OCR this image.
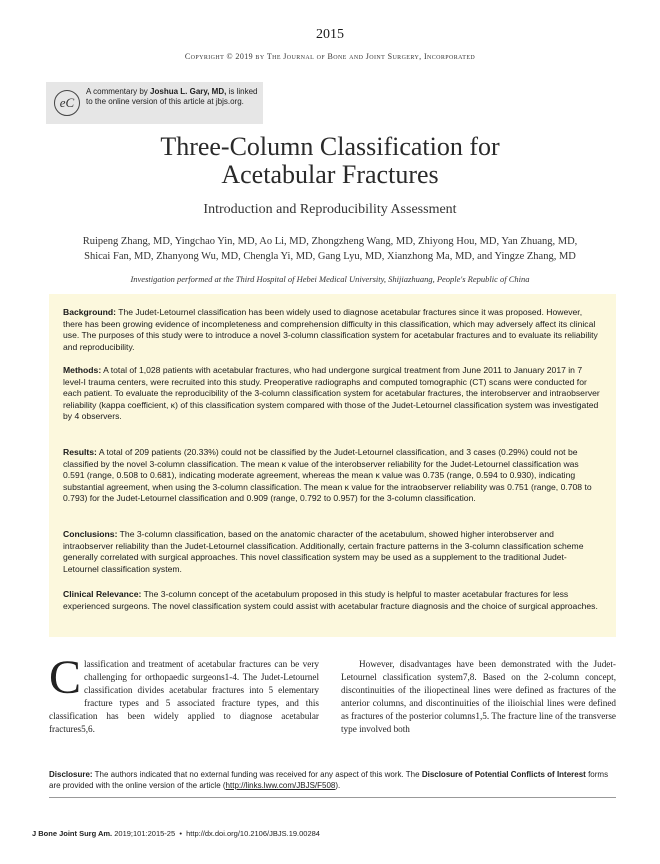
2015
Copyright © 2019 by The Journal of Bone and Joint Surgery, Incorporated
eC
A commentary by Joshua L. Gary, MD, is linked to the online version of this article at jbjs.org.
Three-Column Classification for
Acetabular Fractures
Introduction and Reproducibility Assessment
Ruipeng Zhang, MD, Yingchao Yin, MD, Ao Li, MD, Zhongzheng Wang, MD, Zhiyong Hou, MD, Yan Zhuang, MD,
Shicai Fan, MD, Zhanyong Wu, MD, Chengla Yi, MD, Gang Lyu, MD, Xianzhong Ma, MD, and Yingze Zhang, MD
Investigation performed at the Third Hospital of Hebei Medical University, Shijiazhuang, People's Republic of China
Background: The Judet-Letournel classification has been widely used to diagnose acetabular fractures since it was proposed. However, there has been growing evidence of incompleteness and comprehension difficulty in this classification, which may adversely affect its clinical use. The purposes of this study were to introduce a novel 3-column classification system for acetabular fractures and to evaluate its reliability and reproducibility.
Methods: A total of 1,028 patients with acetabular fractures, who had undergone surgical treatment from June 2011 to January 2017 in 7 level-I trauma centers, were recruited into this study. Preoperative radiographs and computed tomographic (CT) scans were conducted for each patient. To evaluate the reproducibility of the 3-column classification system for acetabular fractures, the interobserver and intraobserver reliability (kappa coefficient, κ) of this classification system compared with those of the Judet-Letournel classification system was investigated by 4 observers.
Results: A total of 209 patients (20.33%) could not be classified by the Judet-Letournel classification, and 3 cases (0.29%) could not be classified by the novel 3-column classification. The mean κ value of the interobserver reliability for the Judet-Letournel classification was 0.591 (range, 0.508 to 0.681), indicating moderate agreement, whereas the mean κ value was 0.735 (range, 0.594 to 0.930), indicating substantial agreement, when using the 3-column classification. The mean κ value for the intraobserver reliability was 0.751 (range, 0.708 to 0.793) for the Judet-Letournel classification and 0.909 (range, 0.792 to 0.957) for the 3-column classification.
Conclusions: The 3-column classification, based on the anatomic character of the acetabulum, showed higher interobserver and intraobserver reliability than the Judet-Letournel classification. Additionally, certain fracture patterns in the 3-column classification scheme generally correlated with surgical approaches. This novel classification system may be used as a supplement to the traditional Judet-Letournel classification system.
Clinical Relevance: The 3-column concept of the acetabulum proposed in this study is helpful to master acetabular fractures for less experienced surgeons. The novel classification system could assist with acetabular fracture diagnosis and the choice of surgical approaches.
Classification and treatment of acetabular fractures can be very challenging for orthopaedic surgeons1-4. The Judet-Letournel classification divides acetabular fractures into 5 elementary fracture types and 5 associated fracture types, and this classification has been widely applied to diagnose acetabular fractures5,6.
However, disadvantages have been demonstrated with the Judet-Letournel classification system7,8. Based on the 2-column concept, discontinuities of the iliopectineal lines were defined as fractures of the anterior columns, and discontinuities of the ilioischial lines were defined as fractures of the posterior columns1,5. The fracture line of the transverse type involved both
Disclosure: The authors indicated that no external funding was received for any aspect of this work. The Disclosure of Potential Conflicts of Interest forms are provided with the online version of the article (http://links.lww.com/JBJS/F508).
J Bone Joint Surg Am. 2019;101:2015-25 • http://dx.doi.org/10.2106/JBJS.19.00284
